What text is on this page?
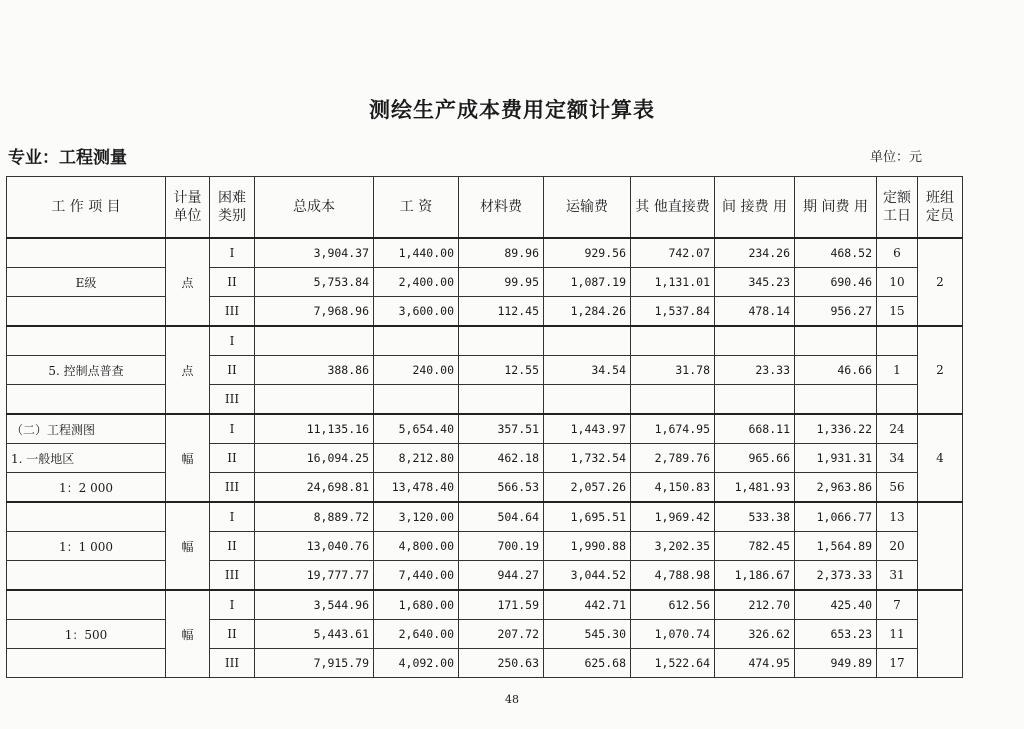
测绘生产成本费用定额计算表
专业：工程测量	单位：元
工 作 项 目	计量单位	困难类别	总成本	工 资	材料费	运输费	其 他直接费	间 接费 用	期 间费 用	定额工日	班组定员
	点	I	3,904.37	1,440.00	89.96	929.56	742.07	234.26	468.52	6	2
E级		II	5,753.84	2,400.00	99.95	1,087.19	1,131.01	345.23	690.46	10	
		III	7,968.96	3,600.00	112.45	1,284.26	1,537.84	478.14	956.27	15	
	点	I									2
5. 控制点普查		II	388.86	240.00	12.55	34.54	31.78	23.33	46.66	1	
		III									
（二）工程测图	幅	I	11,135.16	5,654.40	357.51	1,443.97	1,674.95	668.11	1,336.22	24	4
1. 一般地区		II	16,094.25	8,212.80	462.18	1,732.54	2,789.76	965.66	1,931.31	34	
1：2 000		III	24,698.81	13,478.40	566.53	2,057.26	4,150.83	1,481.93	2,963.86	56	
	幅	I	8,889.72	3,120.00	504.64	1,695.51	1,969.42	533.38	1,066.77	13	
1：1 000		II	13,040.76	4,800.00	700.19	1,990.88	3,202.35	782.45	1,564.89	20	
		III	19,777.77	7,440.00	944.27	3,044.52	4,788.98	1,186.67	2,373.33	31	
	幅	I	3,544.96	1,680.00	171.59	442.71	612.56	212.70	425.40	7	
1：500		II	5,443.61	2,640.00	207.72	545.30	1,070.74	326.62	653.23	11	
		III	7,915.79	4,092.00	250.63	625.68	1,522.64	474.95	949.89	17	
48
